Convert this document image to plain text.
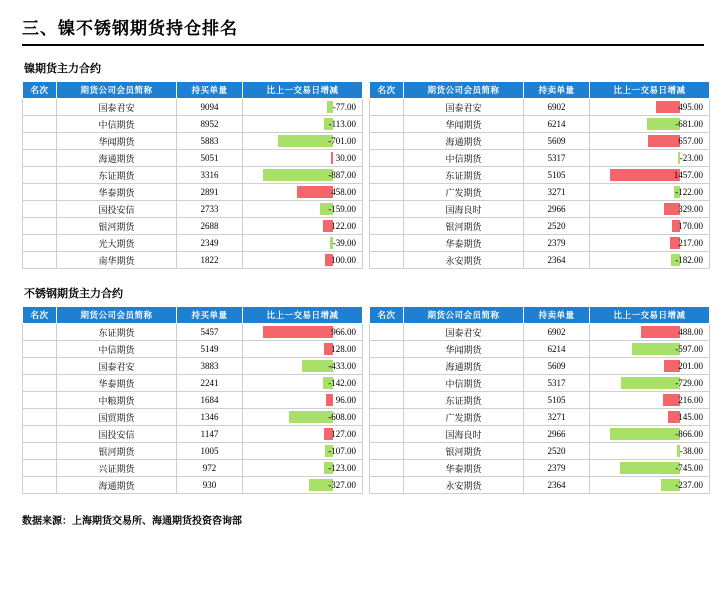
三、镍不锈钢期货持仓排名
镍期货主力合约
名次	期货公司会员简称	持买单量	比上一交易日增减
1	国泰君安	9094	-77.00

2	中信期货	8952	-113.00

3	华闻期货	5883	-701.00

4	海通期货	5051	30.00

5	东证期货	3316	-887.00

6	华泰期货	2891	458.00

7	国投安信	2733	-159.00

8	银河期货	2688	122.00

9	光大期货	2349	-39.00

10	南华期货	1822	100.00
名次	期货公司会员简称	持卖单量	比上一交易日增减
1	国泰君安	6902	495.00

2	华闻期货	6214	-681.00

3	海通期货	5609	657.00

4	中信期货	5317	-23.00

5	东证期货	5105	1457.00

6	广发期货	3271	-122.00

7	国海良时	2966	329.00

8	银河期货	2520	170.00

9	华泰期货	2379	217.00

10	永安期货	2364	-182.00
不锈钢期货主力合约
名次	期货公司会员简称	持买单量	比上一交易日增减
1	东证期货	5457	966.00

2	中信期货	5149	128.00

3	国泰君安	3883	-433.00

4	华泰期货	2241	-142.00

5	中粮期货	1684	96.00

6	国贸期货	1346	-608.00

7	国投安信	1147	127.00

8	银河期货	1005	-107.00

9	兴证期货	972	-123.00

10	海通期货	930	-327.00
名次	期货公司会员简称	持卖单量	比上一交易日增减
1	国泰君安	6902	488.00

2	华闻期货	6214	-597.00

3	海通期货	5609	201.00

4	中信期货	5317	-729.00

5	东证期货	5105	216.00

6	广发期货	3271	145.00

7	国海良时	2966	-866.00

8	银河期货	2520	-38.00

9	华泰期货	2379	-745.00

10	永安期货	2364	-237.00
数据来源：上海期货交易所、海通期货投资咨询部
